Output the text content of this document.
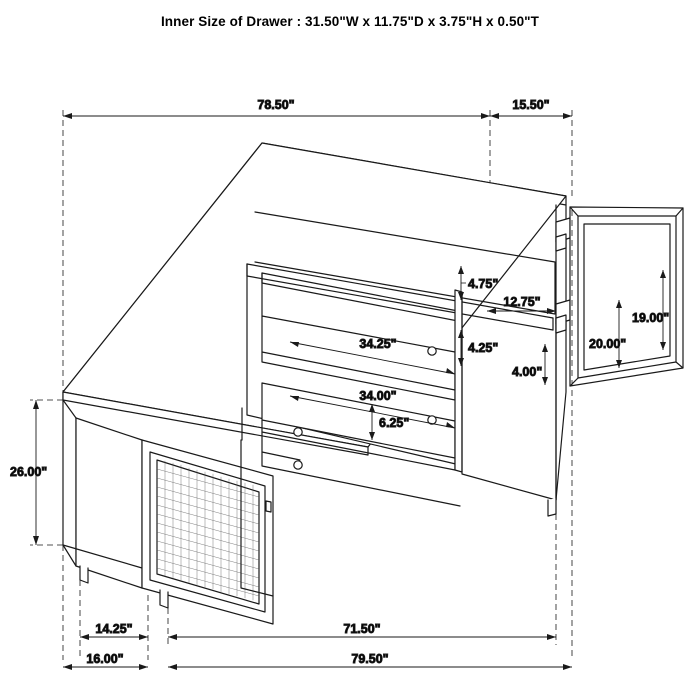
Inner Size of Drawer : 31.50"W x 11.75"D x 3.75"H x 0.50"T
78.50"	15.50"
4.75"
12.75"
34.25"	4.25"
19.00"
20.00"
4.00"
34.00"
6.25"
26.00"
14.25"	71.50"
16.00"	79.50"
